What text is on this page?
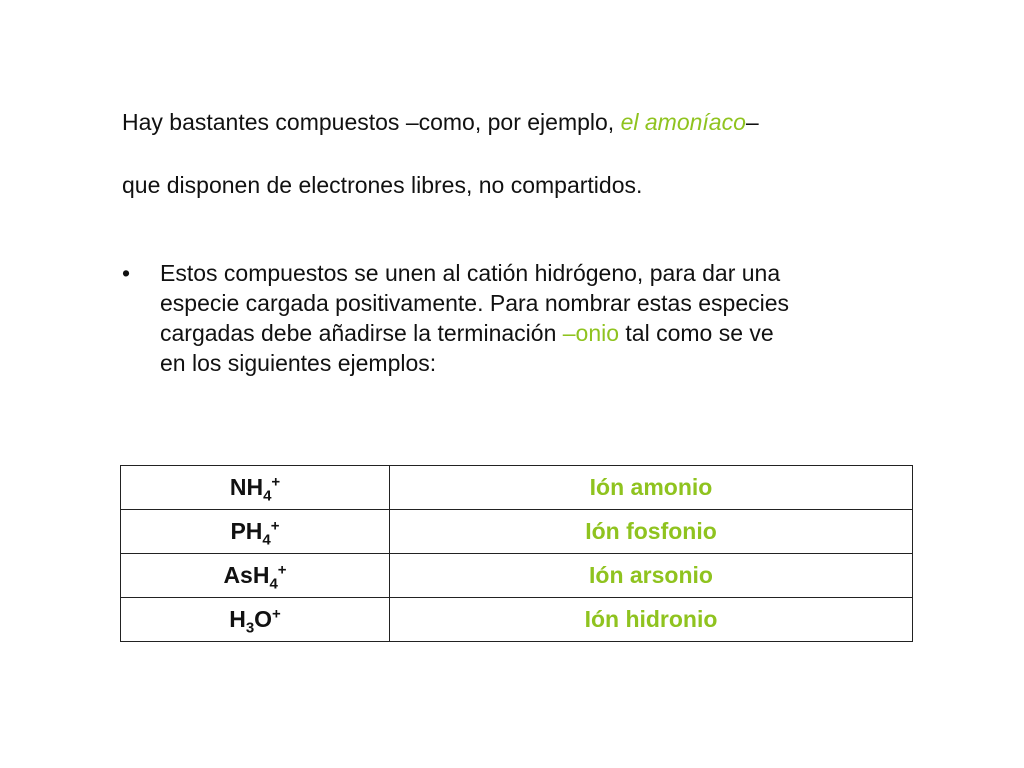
Hay bastantes compuestos –como, por ejemplo, el amoníaco–
que disponen de electrones libres, no compartidos.
•	Estos compuestos se unen al catión hidrógeno, para dar una
especie cargada positivamente. Para nombrar estas especies
cargadas debe añadirse la terminación –onio tal como se ve
en los siguientes ejemplos:
$NH_4^+$	Ión amonio
$PH_4^+$	Ión fosfonio
AsH$_4$+	Ión arsonio
$H_3O^+$	Ión hidronio
